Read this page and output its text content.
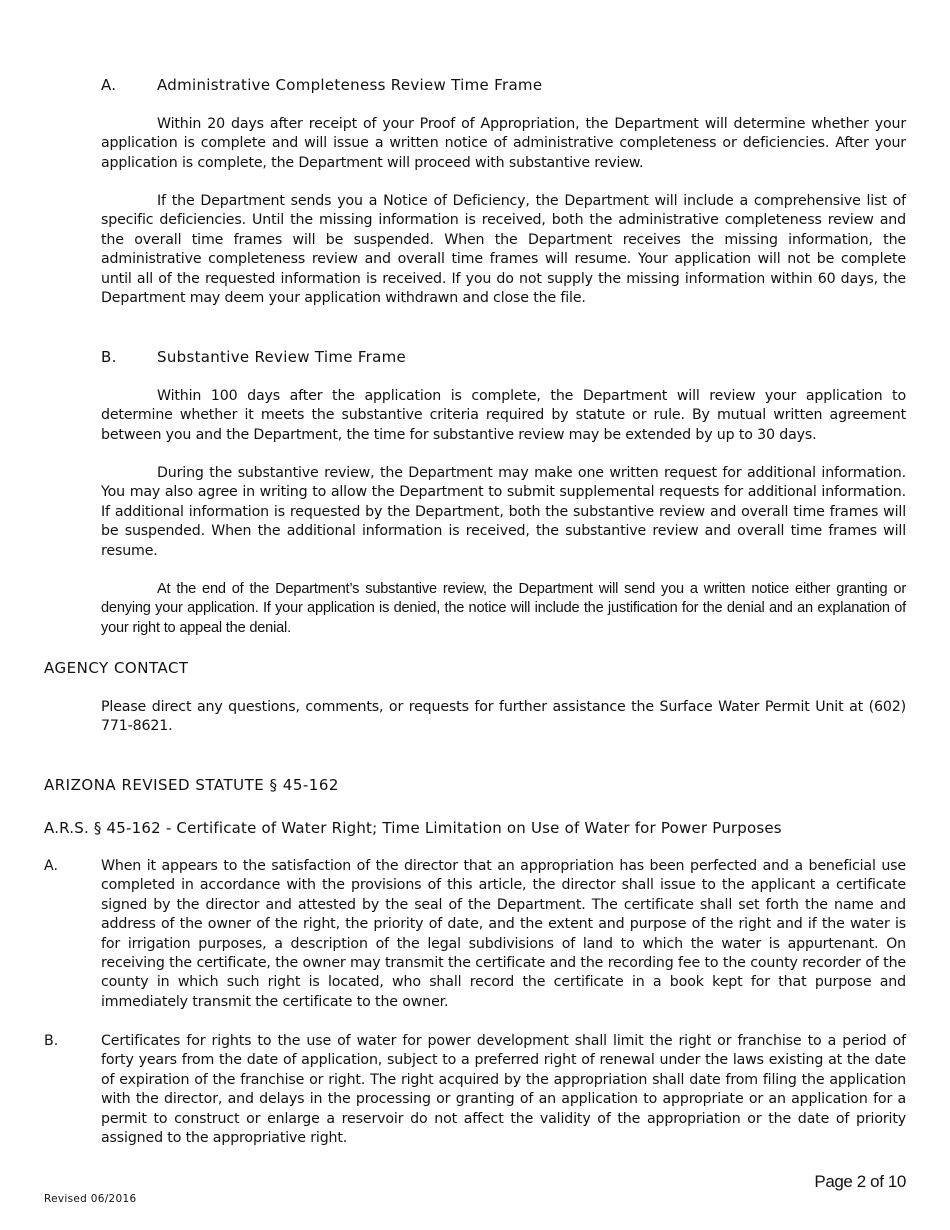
A.	Administrative Completeness Review Time Frame

Within 20 days after receipt of your Proof of Appropriation, the Department will determine whether your application is complete and will issue a written notice of administrative completeness or deficiencies. After your application is complete, the Department will proceed with substantive review.

If the Department sends you a Notice of Deficiency, the Department will include a comprehensive list of specific deficiencies. Until the missing information is received, both the administrative completeness review and the overall time frames will be suspended. When the Department receives the missing information, the administrative completeness review and overall time frames will resume. Your application will not be complete until all of the requested information is received. If you do not supply the missing information within 60 days, the Department may deem your application withdrawn and close the file.

B.	Substantive Review Time Frame

Within 100 days after the application is complete, the Department will review your application to determine whether it meets the substantive criteria required by statute or rule. By mutual written agreement between you and the Department, the time for substantive review may be extended by up to 30 days.

During the substantive review, the Department may make one written request for additional information. You may also agree in writing to allow the Department to submit supplemental requests for additional information. If additional information is requested by the Department, both the substantive review and overall time frames will be suspended. When the additional information is received, the substantive review and overall time frames will resume.

At the end of the Department’s substantive review, the Department will send you a written notice either granting or denying your application. If your application is denied, the notice will include the justification for the denial and an explanation of your right to appeal the denial.

AGENCY CONTACT

Please direct any questions, comments, or requests for further assistance the Surface Water Permit Unit at (602) 771-8621.

ARIZONA REVISED STATUTE § 45-162
A.R.S. § 45-162 - Certificate of Water Right; Time Limitation on Use of Water for Power Purposes
A.	When it appears to the satisfaction of the director that an appropriation has been perfected and a beneficial use completed in accordance with the provisions of this article, the director shall issue to the applicant a certificate signed by the director and attested by the seal of the Department. The certificate shall set forth the name and address of the owner of the right, the priority of date, and the extent and purpose of the right and if the water is for irrigation purposes, a description of the legal subdivisions of land to which the water is appurtenant. On receiving the certificate, the owner may transmit the certificate and the recording fee to the county recorder of the county in which such right is located, who shall record the certificate in a book kept for that purpose and immediately transmit the certificate to the owner.

B.	Certificates for rights to the use of water for power development shall limit the right or franchise to a period of forty years from the date of application, subject to a preferred right of renewal under the laws existing at the date of expiration of the franchise or right. The right acquired by the appropriation shall date from filing the application with the director, and delays in the processing or granting of an application to appropriate or an application for a permit to construct or enlarge a reservoir do not affect the validity of the appropriation or the date of priority assigned to the appropriative right.

Page 2 of 10
Revised 06/2016
